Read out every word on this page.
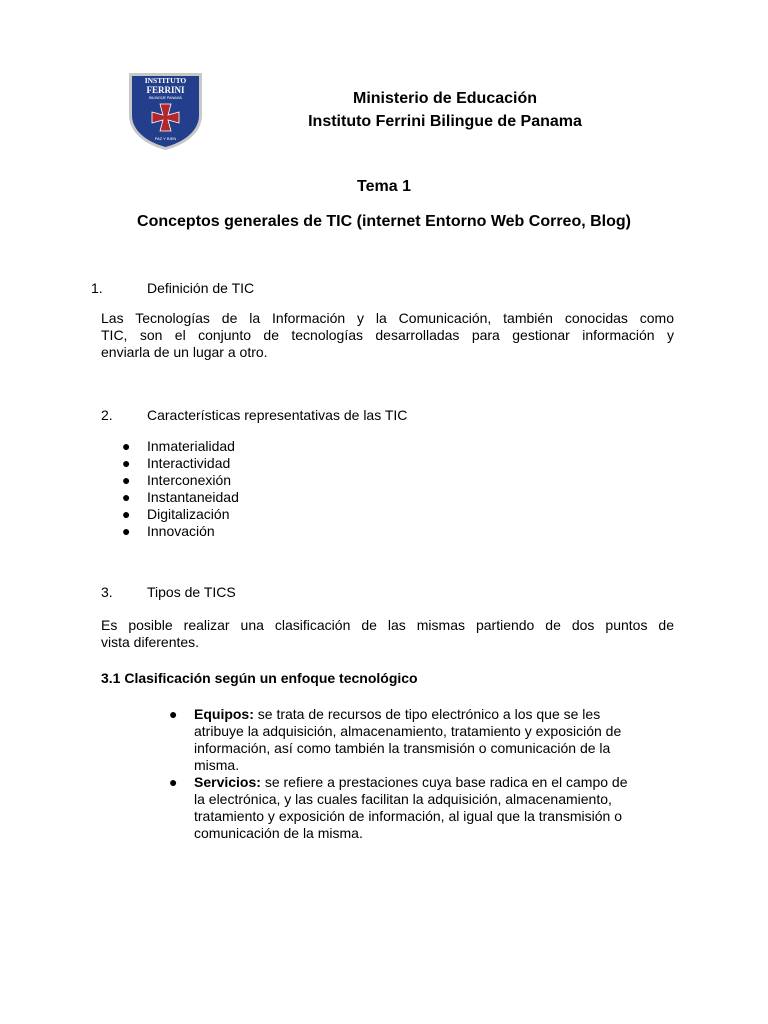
INSTITUTO
FERRINI
BILINGÜE PANAMÁ
PAZ Y BIEN
Ministerio de Educación
Instituto Ferrini Bilingue de Panama
Tema 1
Conceptos generales de TIC (internet Entorno Web Correo, Blog)
1.	Definición de TIC
Las Tecnologías de la Información y la Comunicación, también conocidas como
TIC, son el conjunto de tecnologías desarrolladas para gestionar información y
enviarla de un lugar a otro.
2. Características representativas de las TIC
● Inmaterialidad
● Interactividad
● Interconexión
● Instantaneidad
● Digitalización
● Innovación
3. Tipos de TICS
Es posible realizar una clasificación de las mismas partiendo de dos puntos de
vista diferentes.
3.1 Clasificación según un enfoque tecnológico
● Equipos: se trata de recursos de tipo electrónico a los que se les
atribuye la adquisición, almacenamiento, tratamiento y exposición de
información, así como también la transmisión o comunicación de la
misma.
● Servicios: se refiere a prestaciones cuya base radica en el campo de
la electrónica, y las cuales facilitan la adquisición, almacenamiento,
tratamiento y exposición de información, al igual que la transmisión o
comunicación de la misma.
